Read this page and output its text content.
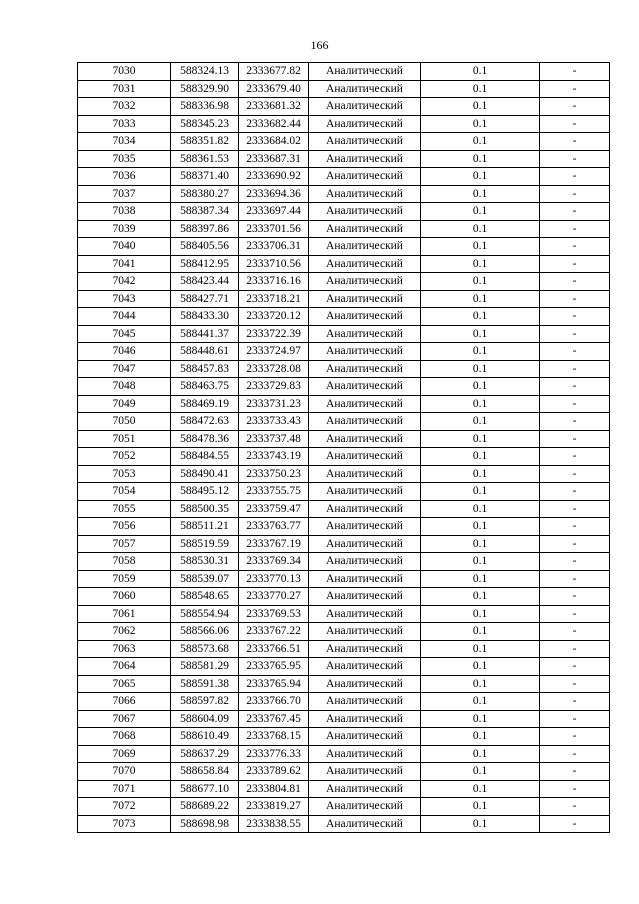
166
7030	588324.13	2333677.82	Аналитический	0.1	-
7031	588329.90	2333679.40	Аналитический	0.1	-
7032	588336.98	2333681.32	Аналитический	0.1	-
7033	588345.23	2333682.44	Аналитический	0.1	-
7034	588351.82	2333684.02	Аналитический	0.1	-
7035	588361.53	2333687.31	Аналитический	0.1	-
7036	588371.40	2333690.92	Аналитический	0.1	-
7037	588380.27	2333694.36	Аналитический	0.1	-
7038	588387.34	2333697.44	Аналитический	0.1	-
7039	588397.86	2333701.56	Аналитический	0.1	-
7040	588405.56	2333706.31	Аналитический	0.1	-
7041	588412.95	2333710.56	Аналитический	0.1	-
7042	588423.44	2333716.16	Аналитический	0.1	-
7043	588427.71	2333718.21	Аналитический	0.1	-
7044	588433.30	2333720.12	Аналитический	0.1	-
7045	588441.37	2333722.39	Аналитический	0.1	-
7046	588448.61	2333724.97	Аналитический	0.1	-
7047	588457.83	2333728.08	Аналитический	0.1	-
7048	588463.75	2333729.83	Аналитический	0.1	-
7049	588469.19	2333731.23	Аналитический	0.1	-
7050	588472.63	2333733.43	Аналитический	0.1	-
7051	588478.36	2333737.48	Аналитический	0.1	-
7052	588484.55	2333743.19	Аналитический	0.1	-
7053	588490.41	2333750.23	Аналитический	0.1	-
7054	588495.12	2333755.75	Аналитический	0.1	-
7055	588500.35	2333759.47	Аналитический	0.1	-
7056	588511.21	2333763.77	Аналитический	0.1	-
7057	588519.59	2333767.19	Аналитический	0.1	-
7058	588530.31	2333769.34	Аналитический	0.1	-
7059	588539.07	2333770.13	Аналитический	0.1	-
7060	588548.65	2333770.27	Аналитический	0.1	-
7061	588554.94	2333769.53	Аналитический	0.1	-
7062	588566.06	2333767.22	Аналитический	0.1	-
7063	588573.68	2333766.51	Аналитический	0.1	-
7064	588581.29	2333765.95	Аналитический	0.1	-
7065	588591.38	2333765.94	Аналитический	0.1	-
7066	588597.82	2333766.70	Аналитический	0.1	-
7067	588604.09	2333767.45	Аналитический	0.1	-
7068	588610.49	2333768.15	Аналитический	0.1	-
7069	588637.29	2333776.33	Аналитический	0.1	-
7070	588658.84	2333789.62	Аналитический	0.1	-
7071	588677.10	2333804.81	Аналитический	0.1	-
7072	588689.22	2333819.27	Аналитический	0.1	-
7073	588698.98	2333838.55	Аналитический	0.1	-
